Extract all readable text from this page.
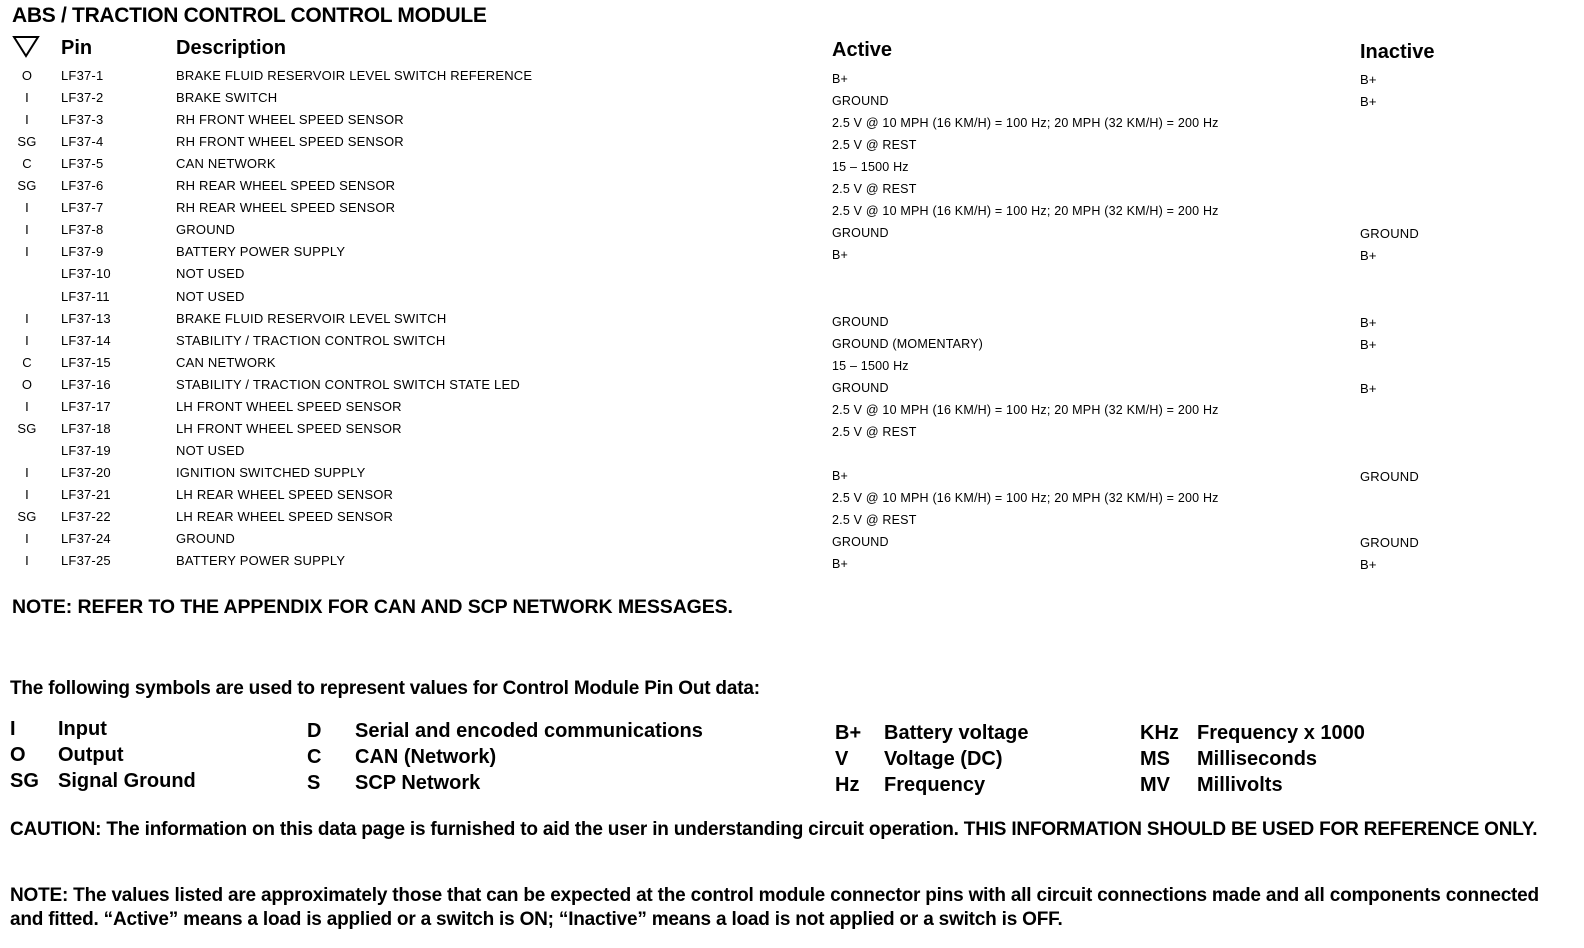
ABS / TRACTION CONTROL CONTROL MODULE
Pin	Description	Active	Inactive
O	LF37-1	BRAKE FLUID RESERVOIR LEVEL SWITCH REFERENCE	B+	B+
I	LF37-2	BRAKE SWITCH	GROUND	B+
I	LF37-3	RH FRONT WHEEL SPEED SENSOR	2.5 V @ 10 MPH (16 KM/H) = 100 Hz; 20 MPH (32 KM/H) = 200 Hz
SG LF37-4	RH FRONT WHEEL SPEED SENSOR	2.5 V @ REST
C	LF37-5	CAN NETWORK	15 – 1500 Hz
SG LF37-6	RH REAR WHEEL SPEED SENSOR	2.5 V @ REST
I	LF37-7	RH REAR WHEEL SPEED SENSOR	2.5 V @ 10 MPH (16 KM/H) = 100 Hz; 20 MPH (32 KM/H) = 200 Hz
I	LF37-8	GROUND	GROUND	GROUND
I	LF37-9	BATTERY POWER SUPPLY	B+	B+
LF37-10	NOT USED
LF37-11	NOT USED
I	LF37-13	BRAKE FLUID RESERVOIR LEVEL SWITCH	GROUND	B+
I	LF37-14	STABILITY / TRACTION CONTROL SWITCH	GROUND (MOMENTARY)	B+
C	LF37-15	CAN NETWORK	15 – 1500 Hz
O	LF37-16	STABILITY / TRACTION CONTROL SWITCH STATE LED	GROUND	B+
I	LF37-17	LH FRONT WHEEL SPEED SENSOR	2.5 V @ 10 MPH (16 KM/H) = 100 Hz; 20 MPH (32 KM/H) = 200 Hz
SG LF37-18	LH FRONT WHEEL SPEED SENSOR	2.5 V @ REST
LF37-19	NOT USED
I	LF37-20	IGNITION SWITCHED SUPPLY	B+	GROUND
I	LF37-21	LH REAR WHEEL SPEED SENSOR	2.5 V @ 10 MPH (16 KM/H) = 100 Hz; 20 MPH (32 KM/H) = 200 Hz
SG LF37-22	LH REAR WHEEL SPEED SENSOR	2.5 V @ REST
I	LF37-24	GROUND	GROUND	GROUND
I	LF37-25	BATTERY POWER SUPPLY	B+	B+
NOTE: REFER TO THE APPENDIX FOR CAN AND SCP NETWORK MESSAGES.
The following symbols are used to represent values for Control Module Pin Out data:
I Input
O Output
SG Signal Ground
D Serial and encoded communications
C CAN (Network)
S SCP Network
B+ Battery voltage
V Voltage (DC)
Hz Frequency
KHz Frequency x 1000
MS Milliseconds
MV Millivolts
CAUTION: The information on this data page is furnished to aid the user in understanding circuit operation. THIS INFORMATION SHOULD BE USED FOR REFERENCE ONLY.
NOTE: The values listed are approximately those that can be expected at the control module connector pins with all circuit connections made and all components connected and fitted. “Active” means a load is applied or a switch is ON; “Inactive” means a load is not applied or a switch is OFF.
